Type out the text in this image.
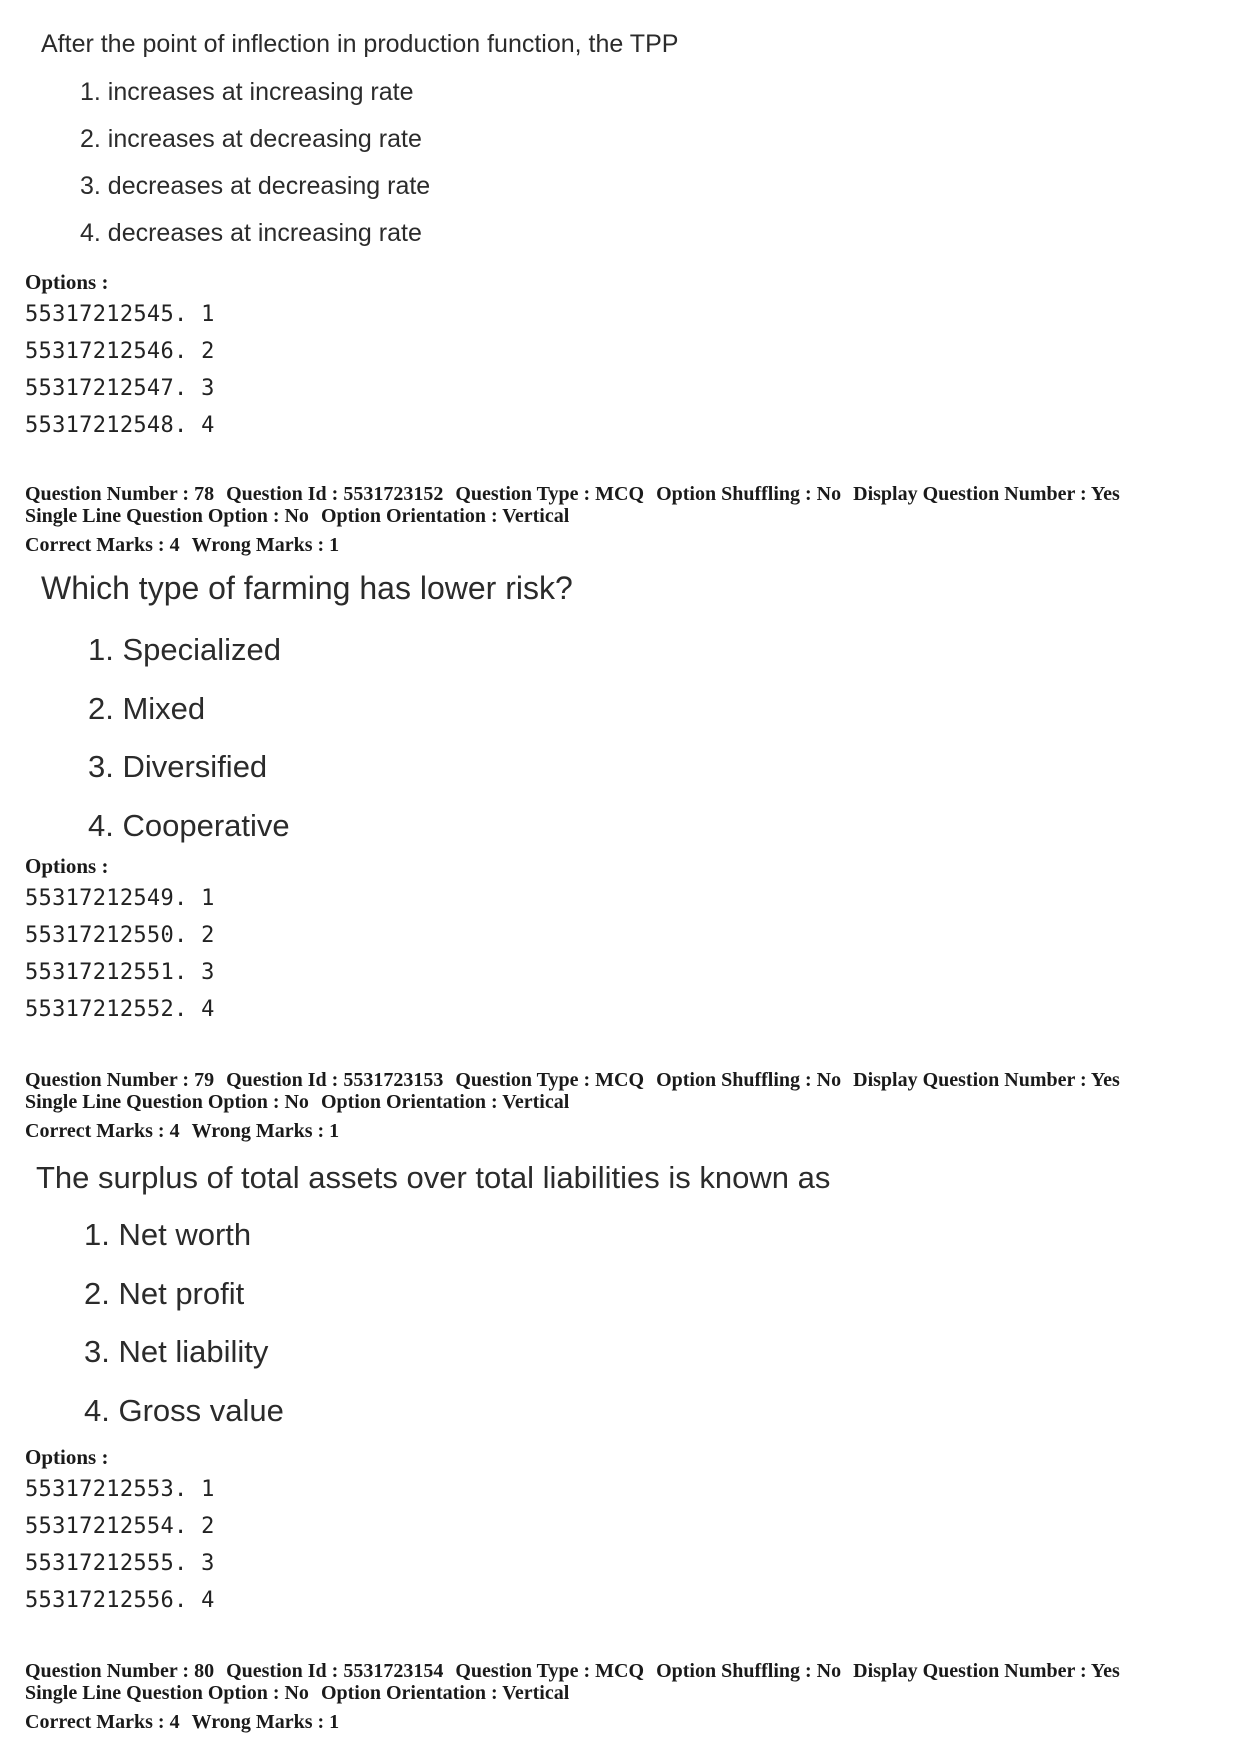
After the point of inflection in production function, the TPP
1. increases at increasing rate
2. increases at decreasing rate
3. decreases at decreasing rate
4. decreases at increasing rate
Options :
55317212545. 1
55317212546. 2
55317212547. 3
55317212548. 4
Question Number : 78 Question Id : 5531723152 Question Type : MCQ Option Shuffling : No Display Question Number : Yes
Single Line Question Option : No Option Orientation : Vertical
Correct Marks : 4 Wrong Marks : 1
Which type of farming has lower risk?
1. Specialized
2. Mixed
3. Diversified
4. Cooperative
Options :
55317212549. 1
55317212550. 2
55317212551. 3
55317212552. 4
Question Number : 79 Question Id : 5531723153 Question Type : MCQ Option Shuffling : No Display Question Number : Yes
Single Line Question Option : No Option Orientation : Vertical
Correct Marks : 4 Wrong Marks : 1
The surplus of total assets over total liabilities is known as
1. Net worth
2. Net profit
3. Net liability
4. Gross value
Options :
55317212553. 1
55317212554. 2
55317212555. 3
55317212556. 4
Question Number : 80 Question Id : 5531723154 Question Type : MCQ Option Shuffling : No Display Question Number : Yes
Single Line Question Option : No Option Orientation : Vertical
Correct Marks : 4 Wrong Marks : 1
